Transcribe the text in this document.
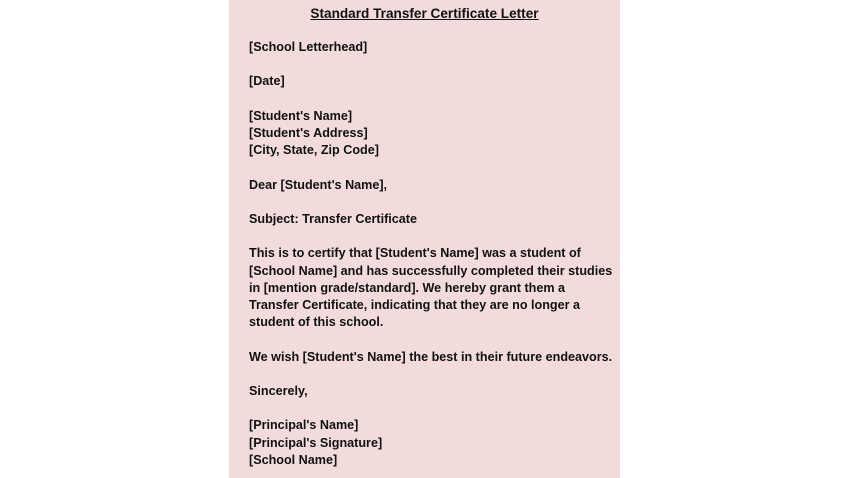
Standard Transfer Certificate Letter
[School Letterhead]
[Date]
[Student's Name]
[Student's Address]
[City, State, Zip Code]
Dear [Student's Name],
Subject: Transfer Certificate
This is to certify that [Student's Name] was a student of
[School Name] and has successfully completed their studies
in [mention grade/standard]. We hereby grant them a
Transfer Certificate, indicating that they are no longer a
student of this school.
We wish [Student's Name] the best in their future endeavors.
Sincerely,
[Principal's Name]
[Principal's Signature]
[School Name]
